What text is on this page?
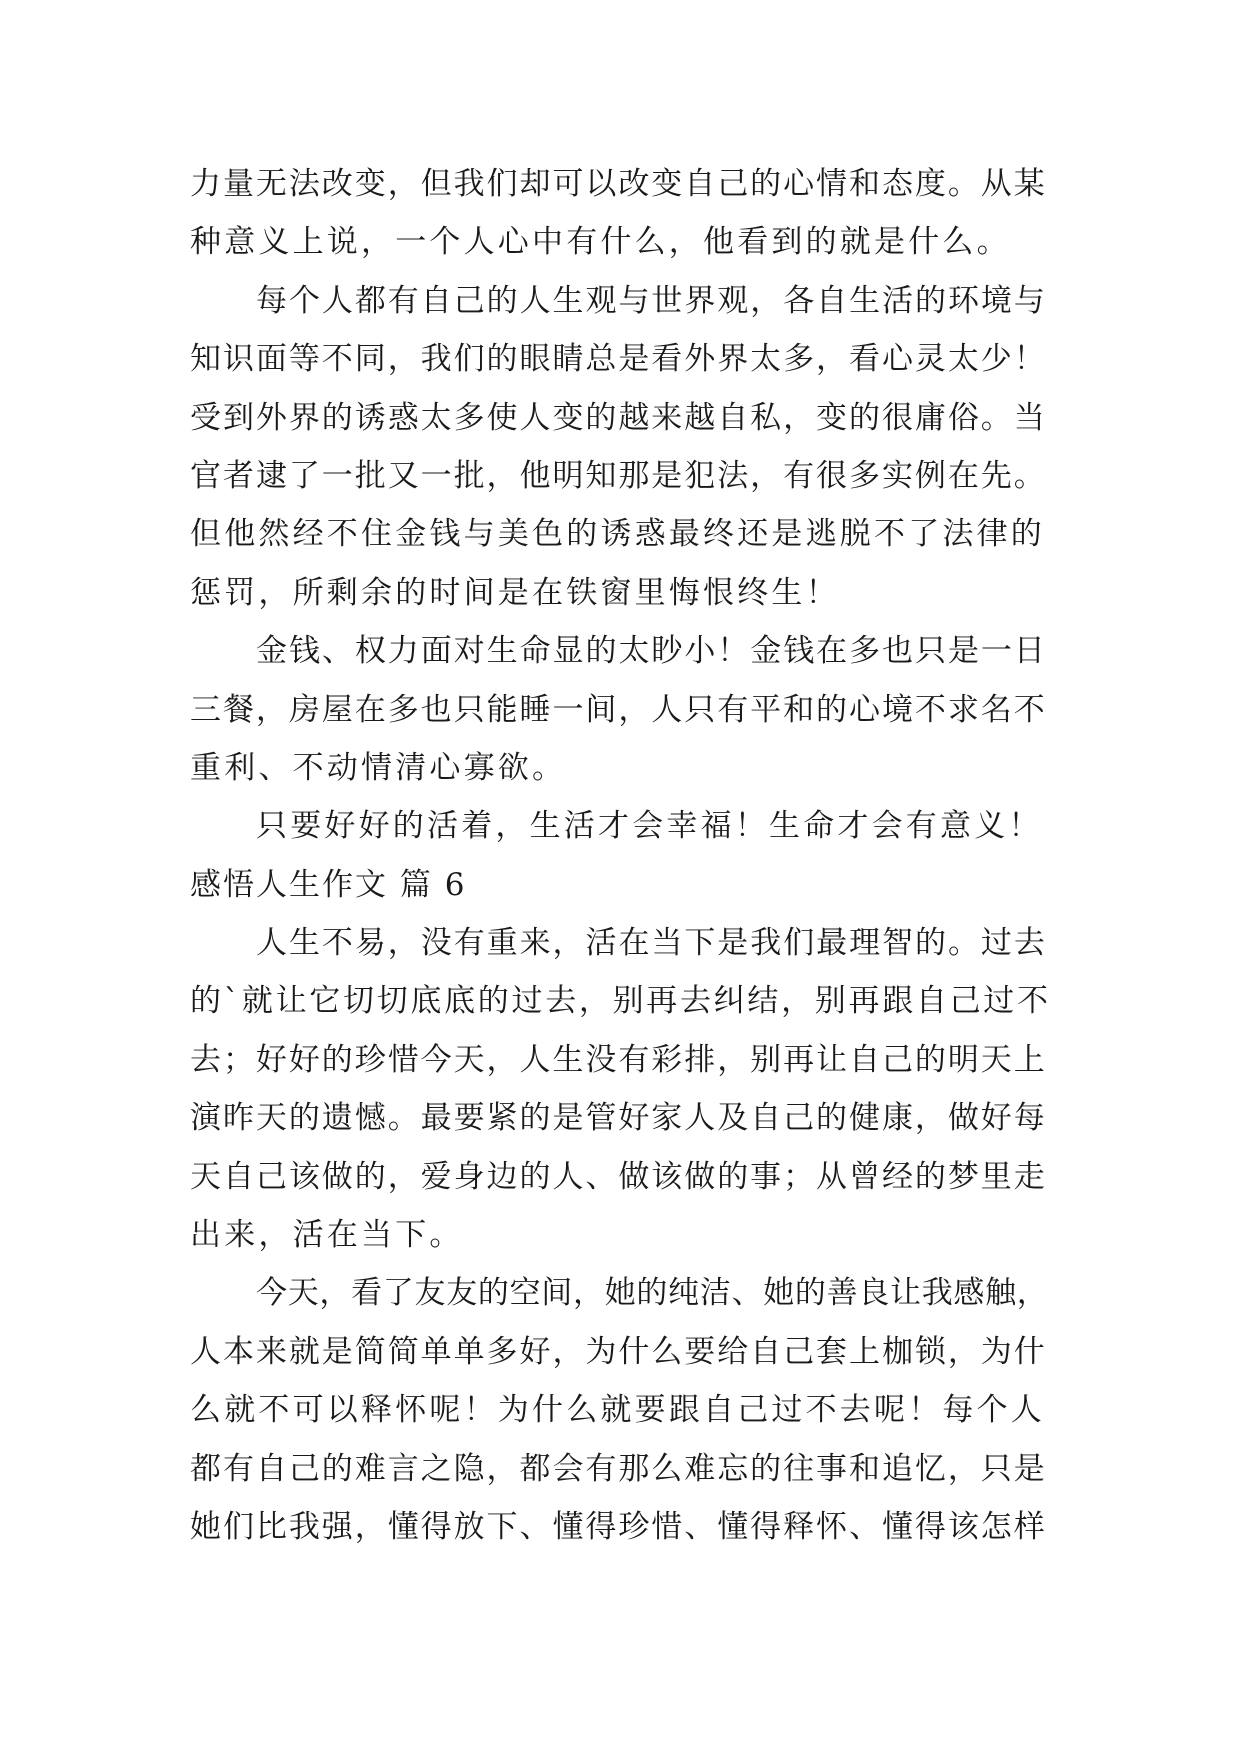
力量无法改变，但我们却可以改变自己的心情和态度。从某
种意义上说，一个人心中有什么，他看到的就是什么。
每个人都有自己的人生观与世界观，各自生活的环境与
知识面等不同，我们的眼睛总是看外界太多，看心灵太少！
受到外界的诱惑太多使人变的越来越自私，变的很庸俗。当
官者逮了一批又一批，他明知那是犯法，有很多实例在先。
但他然经不住金钱与美色的诱惑最终还是逃脱不了法律的
惩罚，所剩余的时间是在铁窗里悔恨终生！
金钱、权力面对生命显的太眇小！金钱在多也只是一日
三餐，房屋在多也只能睡一间，人只有平和的心境不求名不
重利、不动情清心寡欲。
只要好好的活着，生活才会幸福！生命才会有意义！
感悟人生作文 篇 6
人生不易，没有重来，活在当下是我们最理智的。过去
的`就让它切切底底的过去，别再去纠结，别再跟自己过不
去；好好的珍惜今天，人生没有彩排，别再让自己的明天上
演昨天的遗憾。最要紧的是管好家人及自己的健康，做好每
天自己该做的，爱身边的人、做该做的事；从曾经的梦里走
出来，活在当下。
今天，看了友友的空间，她的纯洁、她的善良让我感触，
人本来就是简简单单多好，为什么要给自己套上枷锁，为什
么就不可以释怀呢！为什么就要跟自己过不去呢！每个人
都有自己的难言之隐，都会有那么难忘的往事和追忆，只是
她们比我强，懂得放下、懂得珍惜、懂得释怀、懂得该怎样
